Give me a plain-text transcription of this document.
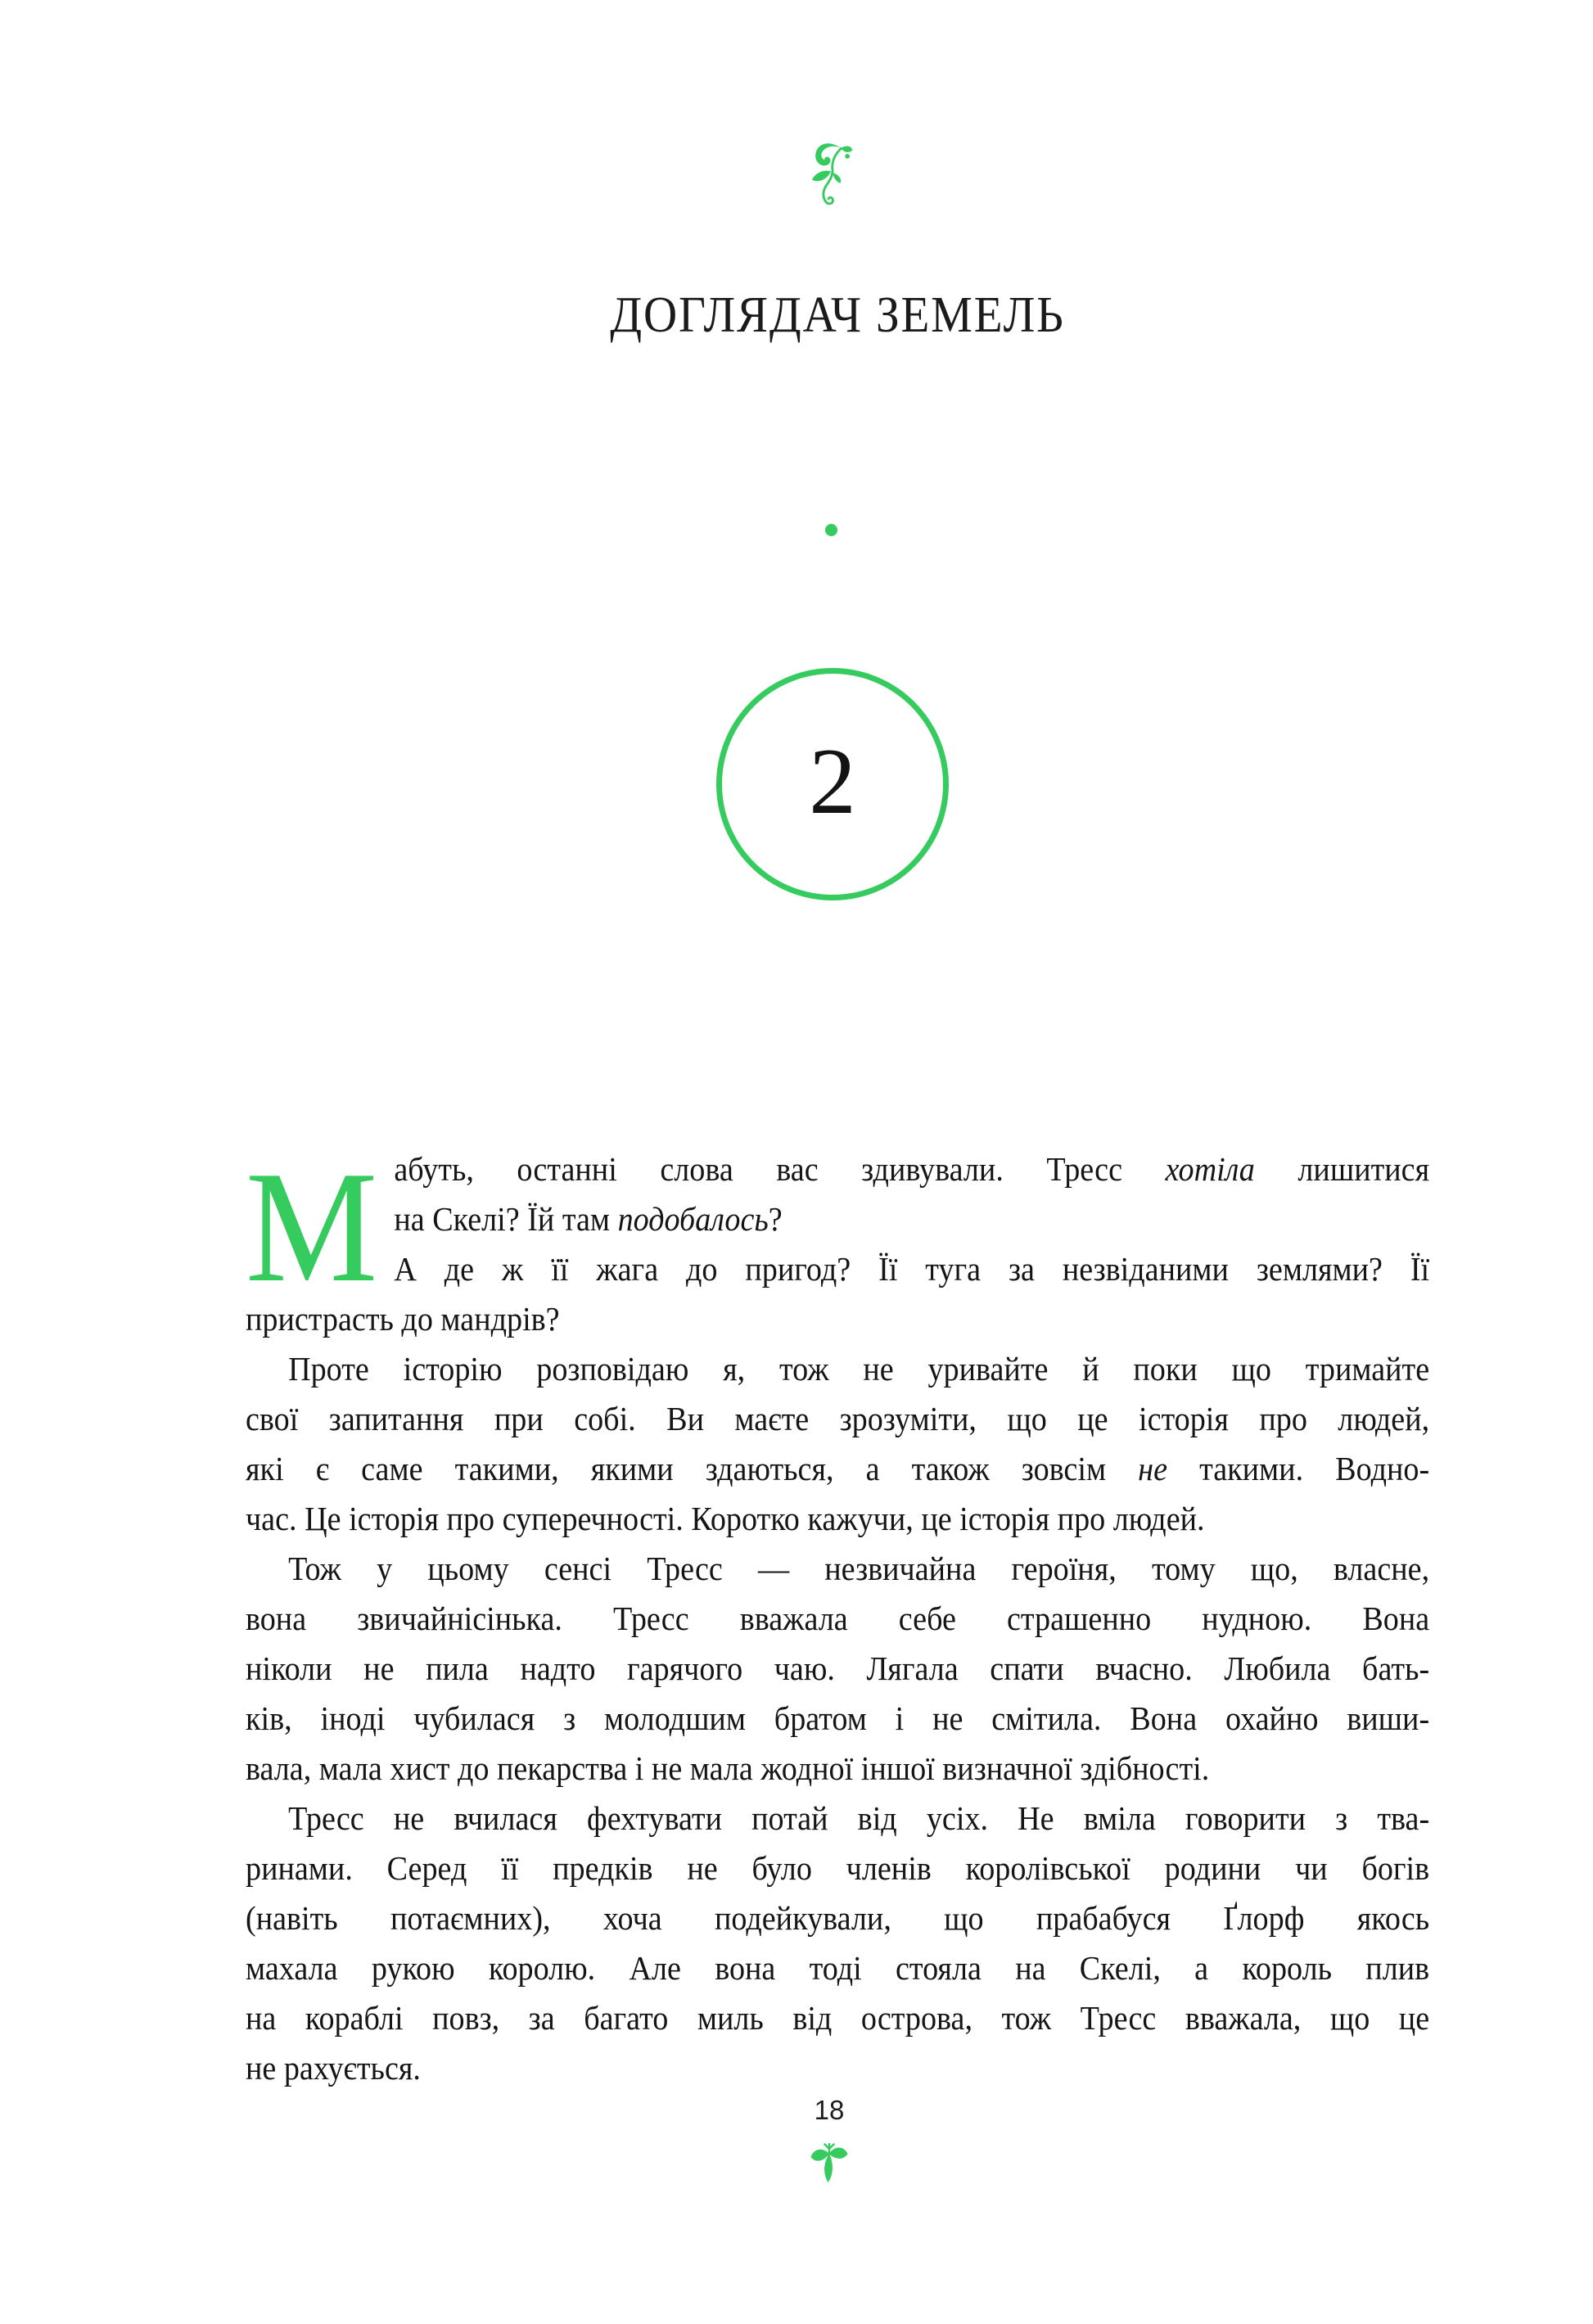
ДОГЛЯДАЧ ЗЕМЕЛЬ
2
М абуть, останні слова вас здивували. Тресс хотіла лишитися
на Скелі? Їй там подобалось?
А де ж її жага до пригод? Її туга за незвіданими землями? Її
пристрасть до мандрів?
Проте історію розповідаю я, тож не уривайте й поки що тримайте
свої запитання при собі. Ви маєте зрозуміти, що це історія про людей,
які є саме такими, якими здаються, а також зовсім не такими. Водно-
час. Це історія про суперечності. Коротко кажучи, це історія про людей.
Тож у цьому сенсі Тресс — незвичайна героїня, тому що, власне,
вона звичайнісінька. Тресс вважала себе страшенно нудною. Вона
ніколи не пила надто гарячого чаю. Лягала спати вчасно. Любила бать-
ків, іноді чубилася з молодшим братом і не смітила. Вона охайно виши-
вала, мала хист до пекарства і не мала жодної іншої визначної здібності.
Тресс не вчилася фехтувати потай від усіх. Не вміла говорити з тва-
ринами. Серед її предків не було членів королівської родини чи богів
(навіть потаємних), хоча подейкували, що прабабуся Ґлорф якось
махала рукою королю. Але вона тоді стояла на Скелі, а король плив
на кораблі повз, за багато миль від острова, тож Тресс вважала, що це
не рахується.
18
